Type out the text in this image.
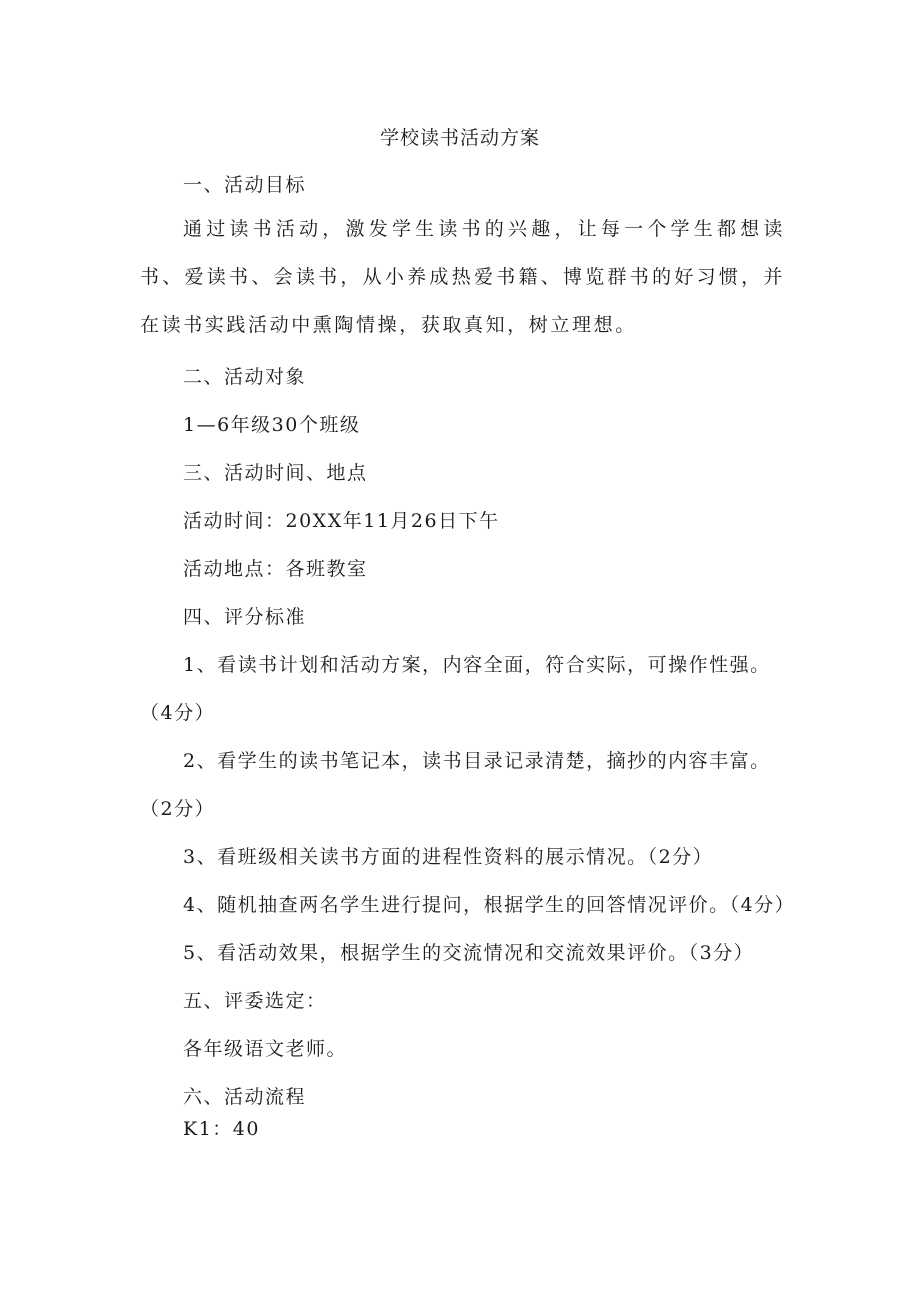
学校读书活动方案
一、活动目标
通过读书活动，激发学生读书的兴趣，让每一个学生都想读书、爱读书、会读书，从小养成热爱书籍、博览群书的好习惯，并在读书实践活动中熏陶情操，获取真知，树立理想。
二、活动对象
1—6年级30个班级
三、活动时间、地点
活动时间：20XX年11月26日下午
活动地点：各班教室
四、评分标准
1、看读书计划和活动方案，内容全面，符合实际，可操作性强。
（4分）
2、看学生的读书笔记本，读书目录记录清楚，摘抄的内容丰富。
（2分）
3、看班级相关读书方面的进程性资料的展示情况。（2分）
4、随机抽查两名学生进行提问，根据学生的回答情况评价。（4分）
5、看活动效果，根据学生的交流情况和交流效果评价。（3分）
五、评委选定：
各年级语文老师。
六、活动流程
K1：40
